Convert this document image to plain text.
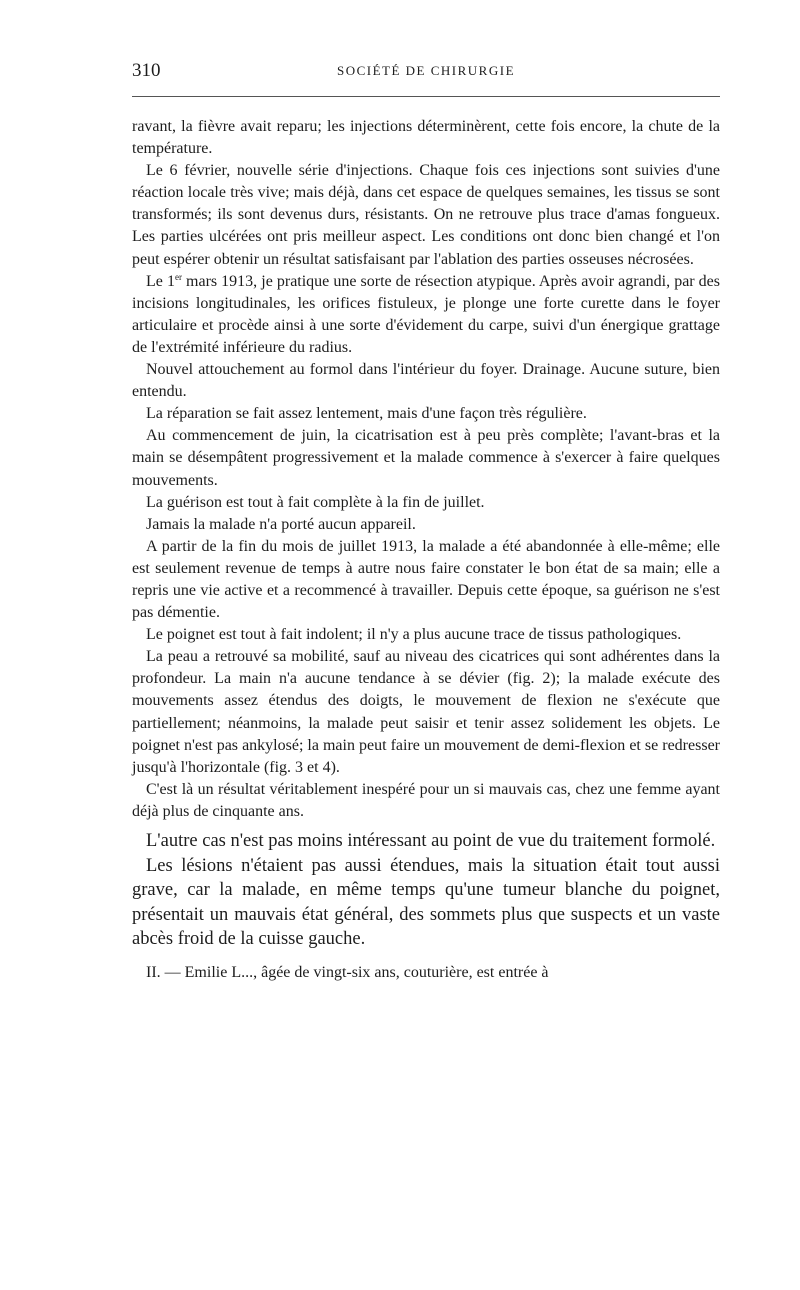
310	SOCIÉTÉ DE CHIRURGIE

ravant, la fièvre avait reparu; les injections déterminèrent, cette fois encore, la chute de la température.

Le 6 février, nouvelle série d'injections. Chaque fois ces injections sont suivies d'une réaction locale très vive; mais déjà, dans cet espace de quelques semaines, les tissus se sont transformés; ils sont devenus durs, résistants. On ne retrouve plus trace d'amas fongueux. Les parties ulcérées ont pris meilleur aspect. Les conditions ont donc bien changé et l'on peut espérer obtenir un résultat satisfaisant par l'ablation des parties osseuses nécrosées.

Le 1er mars 1913, je pratique une sorte de résection atypique. Après avoir agrandi, par des incisions longitudinales, les orifices fistuleux, je plonge une forte curette dans le foyer articulaire et procède ainsi à une sorte d'évidement du carpe, suivi d'un énergique grattage de l'extrémité inférieure du radius.

Nouvel attouchement au formol dans l'intérieur du foyer. Drainage. Aucune suture, bien entendu.

La réparation se fait assez lentement, mais d'une façon très régulière.

Au commencement de juin, la cicatrisation est à peu près complète; l'avant-bras et la main se désempâtent progressivement et la malade commence à s'exercer à faire quelques mouvements.

La guérison est tout à fait complète à la fin de juillet.

Jamais la malade n'a porté aucun appareil.

A partir de la fin du mois de juillet 1913, la malade a été abandonnée à elle-même; elle est seulement revenue de temps à autre nous faire constater le bon état de sa main; elle a repris une vie active et a recommencé à travailler. Depuis cette époque, sa guérison ne s'est pas démentie.

Le poignet est tout à fait indolent; il n'y a plus aucune trace de tissus pathologiques.

La peau a retrouvé sa mobilité, sauf au niveau des cicatrices qui sont adhérentes dans la profondeur. La main n'a aucune tendance à se dévier (fig. 2); la malade exécute des mouvements assez étendus des doigts, le mouvement de flexion ne s'exécute que partiellement; néanmoins, la malade peut saisir et tenir assez solidement les objets. Le poignet n'est pas ankylosé; la main peut faire un mouvement de demi-flexion et se redresser jusqu'à l'horizontale (fig. 3 et 4).

C'est là un résultat véritablement inespéré pour un si mauvais cas, chez une femme ayant déjà plus de cinquante ans.

L'autre cas n'est pas moins intéressant au point de vue du traitement formolé.

Les lésions n'étaient pas aussi étendues, mais la situation était tout aussi grave, car la malade, en même temps qu'une tumeur blanche du poignet, présentait un mauvais état général, des sommets plus que suspects et un vaste abcès froid de la cuisse gauche.

II. — Emilie L..., âgée de vingt-six ans, couturière, est entrée à
